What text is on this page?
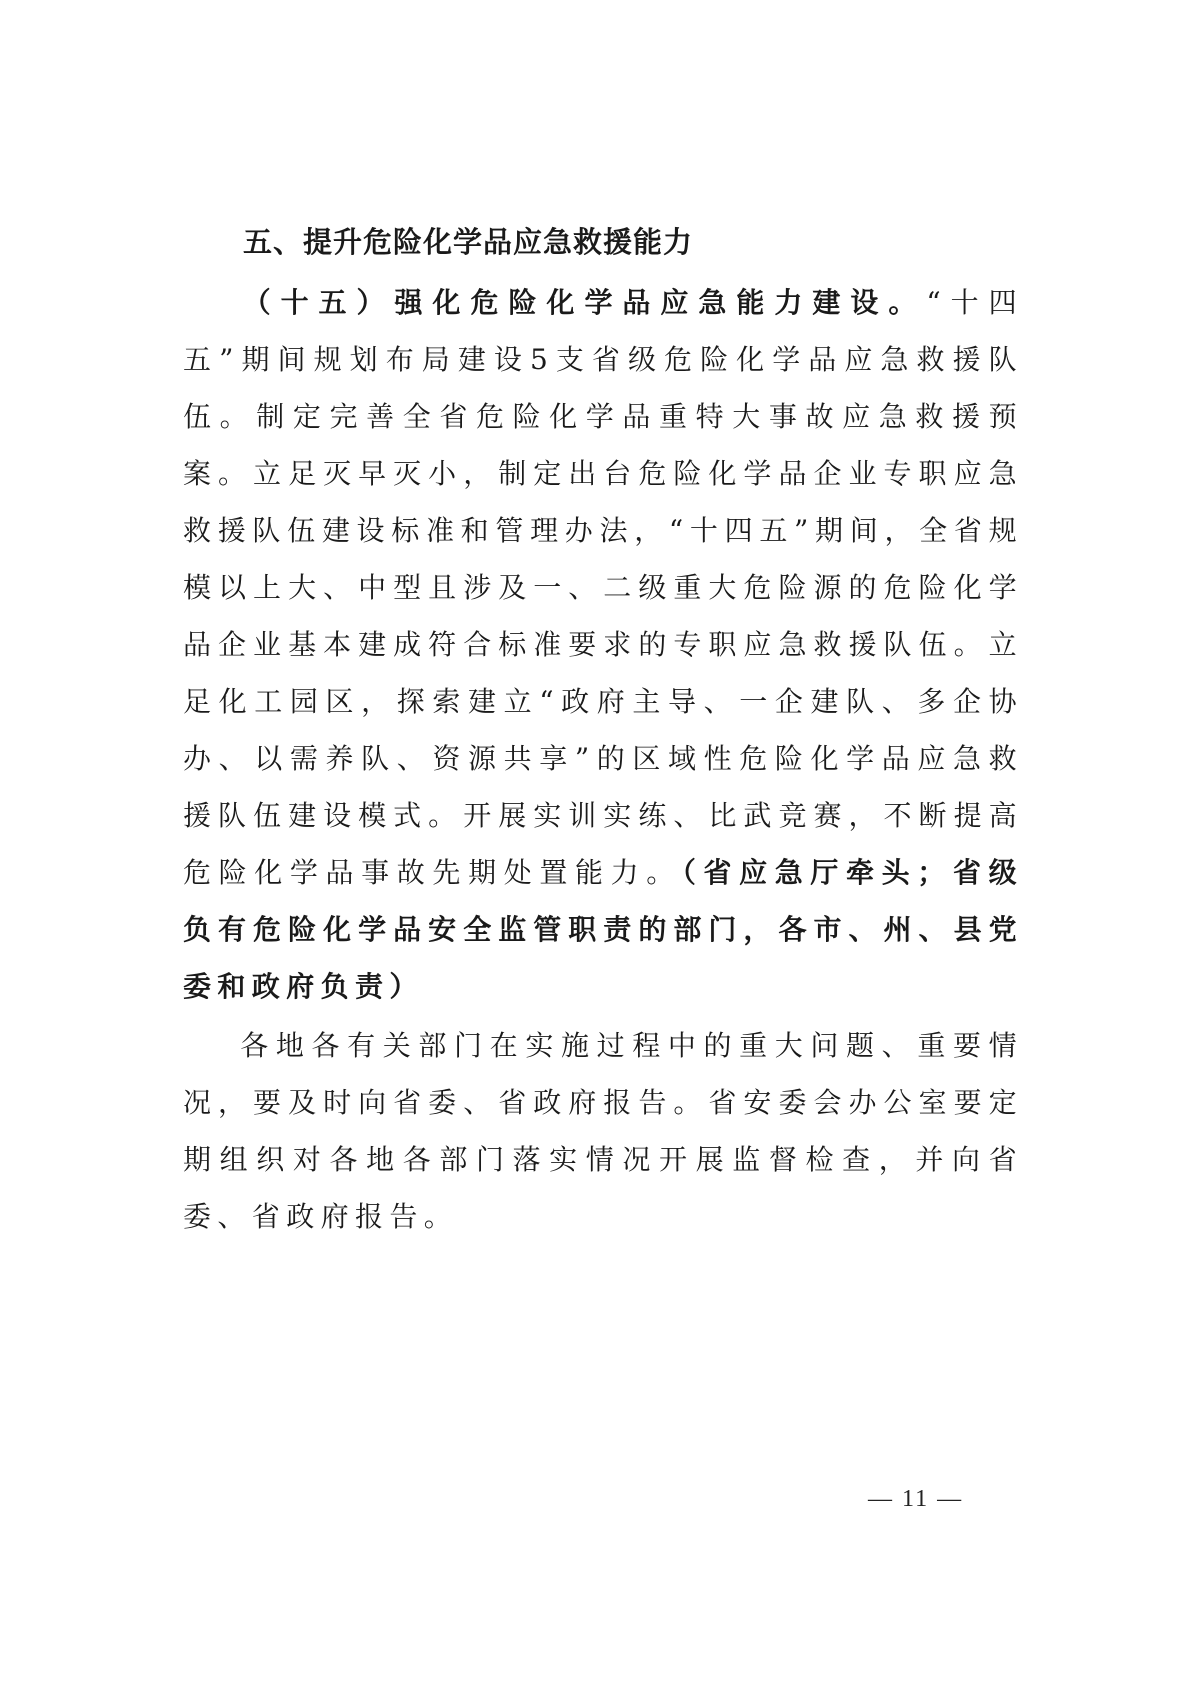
五、提升危险化学品应急救援能力

（十五）强化危险化学品应急能力建设。“十四五”期间规划布局建设5支省级危险化学品应急救援队伍。制定完善全省危险化学品重特大事故应急救援预案。立足灭早灭小，制定出台危险化学品企业专职应急救援队伍建设标准和管理办法，“十四五”期间，全省规模以上大、中型且涉及一、二级重大危险源的危险化学品企业基本建成符合标准要求的专职应急救援队伍。立足化工园区，探索建立“政府主导、一企建队、多企协办、以需养队、资源共享”的区域性危险化学品应急救援队伍建设模式。开展实训实练、比武竞赛，不断提高危险化学品事故先期处置能力。（省应急厅牵头；省级负有危险化学品安全监管职责的部门，各市、州、县党委和政府负责）

各地各有关部门在实施过程中的重大问题、重要情况，要及时向省委、省政府报告。省安委会办公室要定期组织对各地各部门落实情况开展监督检查，并向省委、省政府报告。

— 11 —
